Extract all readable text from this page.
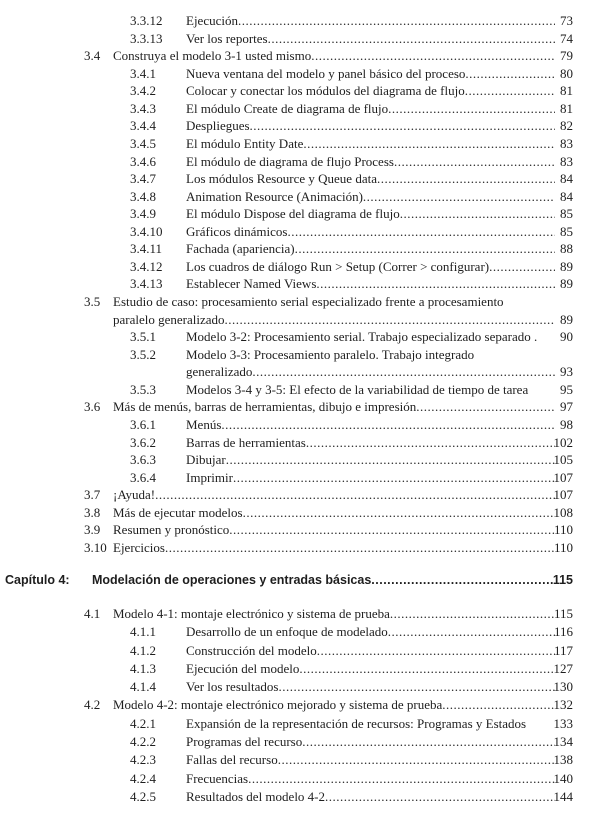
3.3.12 Ejecución .....	73
3.3.13 Ver los reportes .....	74
3.4 Construya el modelo 3-1 usted mismo .....	79
3.4.1 Nueva ventana del modelo y panel básico del proceso .....	80
3.4.2 Colocar y conectar los módulos del diagrama de flujo .....	81
3.4.3 El módulo Create de diagrama de flujo .....	81
3.4.4 Despliegues .....	82
3.4.5 El módulo Entity Date .....	83
3.4.6 El módulo de diagrama de flujo Process .....	83
3.4.7 Los módulos Resource y Queue data .....	84
3.4.8 Animation Resource (Animación) .....	84
3.4.9 El módulo Dispose del diagrama de flujo .....	85
3.4.10 Gráficos dinámicos .....	85
3.4.11 Fachada (apariencia) .....	88
3.4.12 Los cuadros de diálogo Run > Setup (Correr > configurar) .....	89
3.4.13 Establecer Named Views .....	89
3.5 Estudio de caso: procesamiento serial especializado frente a procesamiento
paralelo generalizado .....	89
3.5.1 Modelo 3-2: Procesamiento serial. Trabajo especializado separado . 90
3.5.2 Modelo 3-3: Procesamiento paralelo. Trabajo integrado
generalizado .....	93
3.5.3 Modelos 3-4 y 3-5: El efecto de la variabilidad de tiempo de tarea 95
3.6 Más de menús, barras de herramientas, dibujo e impresión .....	97
3.6.1 Menús .....	98
3.6.2 Barras de herramientas .....	102
3.6.3 Dibujar .....	105
3.6.4 Imprimir .....	107
3.7 ¡Ayuda! .....	107
3.8 Más de ejecutar modelos .....	108
3.9 Resumen y pronóstico .....	110
3.10 Ejercicios .....	110
Capítulo 4: Modelación de operaciones y entradas básicas .....	115
4.1 Modelo 4-1: montaje electrónico y sistema de prueba .....	115
4.1.1 Desarrollo de un enfoque de modelado .....	116
4.1.2 Construcción del modelo .....	117
4.1.3 Ejecución del modelo .....	127
4.1.4 Ver los resultados .....	130
4.2 Modelo 4-2: montaje electrónico mejorado y sistema de prueba .....	132
4.2.1 Expansión de la representación de recursos: Programas y Estados 133
4.2.2 Programas del recurso .....	134
4.2.3 Fallas del recurso .....	138
4.2.4 Frecuencias .....	140
4.2.5 Resultados del modelo 4-2 .....	144
